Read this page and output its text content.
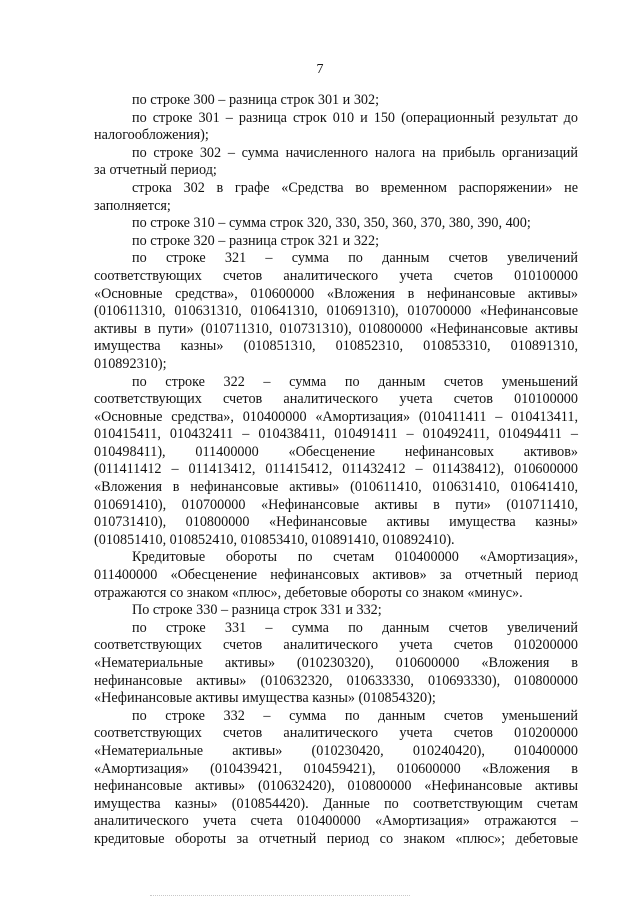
7
по строке 300 – разница строк 301 и 302;
по строке 301 – разница строк 010 и 150 (операционный результат до
налогообложения);
по строке 302 – сумма начисленного налога на прибыль организаций
за отчетный период;
строка 302 в графе «Средства во временном распоряжении» не
заполняется;
по строке 310 – сумма строк 320, 330, 350, 360, 370, 380, 390, 400;
по строке 320 – разница строк 321 и 322;
по строке 321 – сумма по данным счетов увеличений
соответствующих счетов аналитического учета счетов 010100000
«Основные средства», 010600000 «Вложения в нефинансовые активы»
(010611310, 010631310, 010641310, 010691310), 010700000 «Нефинансовые
активы в пути» (010711310, 010731310), 010800000 «Нефинансовые активы
имущества казны» (010851310, 010852310, 010853310, 010891310,
010892310);
по строке 322 – сумма по данным счетов уменьшений
соответствующих счетов аналитического учета счетов 010100000
«Основные средства», 010400000 «Амортизация» (010411411 – 010413411,
010415411, 010432411 – 010438411, 010491411 – 010492411, 010494411 –
010498411), 011400000 «Обесценение нефинансовых активов»
(011411412 – 011413412, 011415412, 011432412 – 011438412), 010600000
«Вложения в нефинансовые активы» (010611410, 010631410, 010641410,
010691410), 010700000 «Нефинансовые активы в пути» (010711410,
010731410), 010800000 «Нефинансовые активы имущества казны»
(010851410, 010852410, 010853410, 010891410, 010892410).
Кредитовые обороты по счетам 010400000 «Амортизация»,
011400000 «Обесценение нефинансовых активов» за отчетный период
отражаются со знаком «плюс», дебетовые обороты со знаком «минус».
По строке 330 – разница строк 331 и 332;
по строке 331 – сумма по данным счетов увеличений
соответствующих счетов аналитического учета счетов 010200000
«Нематериальные активы» (010230320), 010600000 «Вложения в
нефинансовые активы» (010632320, 010633330, 010693330), 010800000
«Нефинансовые активы имущества казны» (010854320);
по строке 332 – сумма по данным счетов уменьшений
соответствующих счетов аналитического учета счетов 010200000
«Нематериальные активы» (010230420, 010240420), 010400000
«Амортизация» (010439421, 010459421), 010600000 «Вложения в
нефинансовые активы» (010632420), 010800000 «Нефинансовые активы
имущества казны» (010854420). Данные по соответствующим счетам
аналитического учета счета 010400000 «Амортизация» отражаются –
кредитовые обороты за отчетный период со знаком «плюс»; дебетовые
